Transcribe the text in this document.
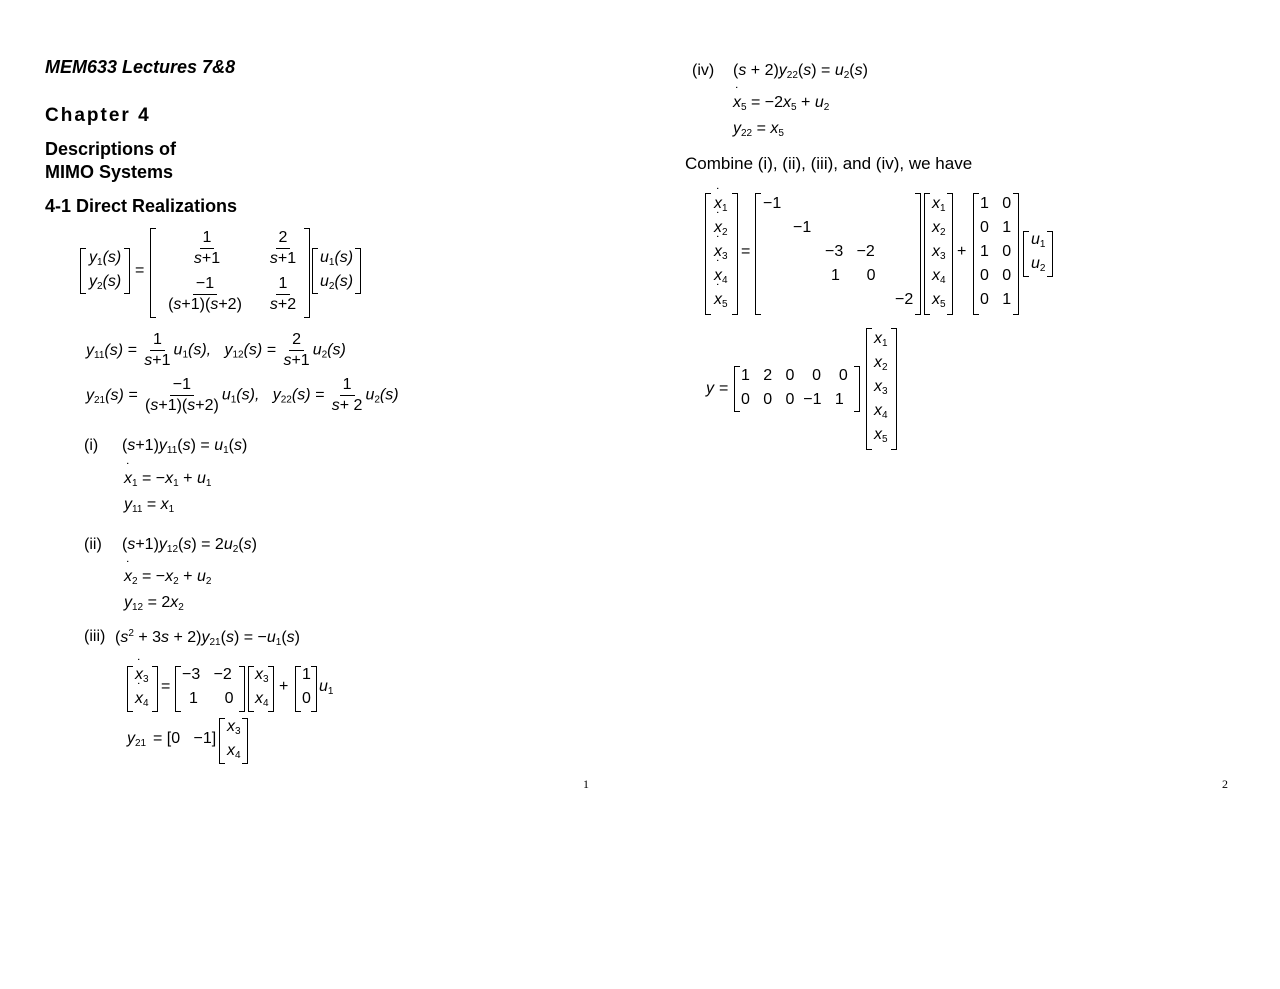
MEM633 Lectures 7&8
Chapter 4
Descriptions of
MIMO Systems
4-1 Direct Realizations
$y_1(s)$
$y_2(s)$
=
$\frac{1}{s+1}$	$\frac{2}{s+1}$
$\frac{-1}{(s+1)(s+2)} \frac{1}{s+2}$
$u_1(s)$
$u_2(s)$
$y_{11}(s) = \frac{1}{s+1} u_1(s)$,   $y_{12}(s) = \frac{2}{s+1} u_2(s)$
$y_{21}(s) = \frac{-1}{(s+1)(s+2)} u_1(s)$,   $y_{22}(s) = \frac{1}{s+ 2} u_2(s)$
(i) $(s+1)y_{11}(s) = u_1(s)$
˙ $x_1 = -x_1 + u_1$
$y_{11} = x_1$
(ii) $(s+1)y_{12}(s) = 2u_2(s)$
˙ $x_2 = -x_2 + u_2$
$y_{12} = 2x_2$
(iii) $(s^2 + 3s + 2)y_{21}(s) = -u_1(s)$
˙ $x_3$
˙ $x_4$
=
−3   −2
1      0
$x_3$
$x_4$
+
1
0
$u_1$
$y_{21} = [0 -1]$
$x_3$
$x_4$
1
(iv) $(s + 2)y_{22}(s) = u_2(s)$
˙ $x_5 = -2x_5 + u_2$
$y_{22} = x_5$
Combine (i), (ii), (iii), and (iv), we have
˙ $x_1$
˙ $x_2$
˙ $x_3$
˙ $x_4$
˙ $x_5$
=
−1
−1
−3   −2
1      0
−2
$x_1$
$x_2$
$x_3$
$x_4$
$x_5$
+
1   0
0   1
1   0
0   0
0   1
$u_1$
$u_2$
y =
1   2   0    0    0
0   0   0  −1   1
$x_1$
$x_2$
$x_3$
$x_4$
$x_5$
2
